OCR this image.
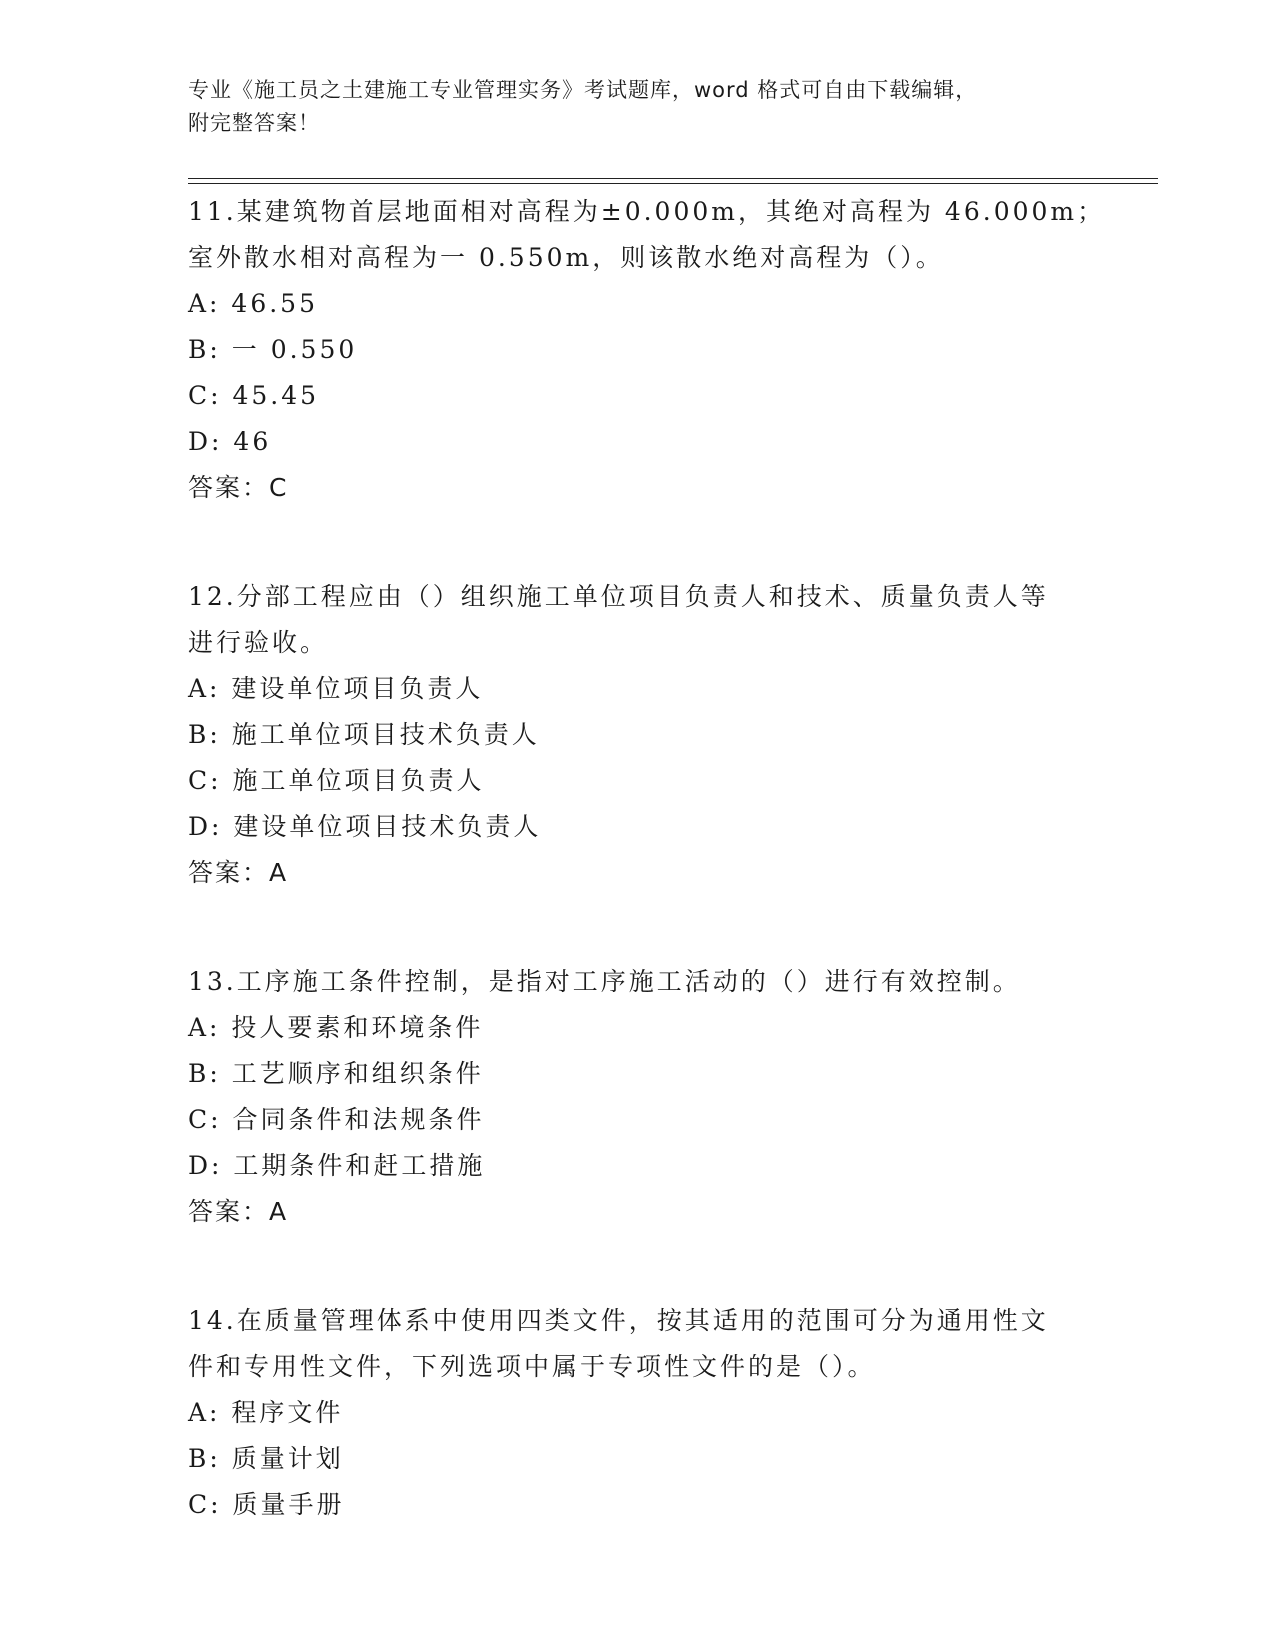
专业《施工员之土建施工专业管理实务》考试题库，word 格式可自由下载编辑，
附完整答案！
11.某建筑物首层地面相对高程为±0.000m，其绝对高程为 46.000m；
室外散水相对高程为一 0.550m，则该散水绝对高程为（）。
A: 46.55
B: 一 0.550
C: 45.45
D: 46
答案：C
12.分部工程应由（）组织施工单位项目负责人和技术、质量负责人等
进行验收。
A: 建设单位项目负责人
B: 施工单位项目技术负责人
C: 施工单位项目负责人
D: 建设单位项目技术负责人
答案：A
13.工序施工条件控制，是指对工序施工活动的（）进行有效控制。
A: 投人要素和环境条件
B: 工艺顺序和组织条件
C: 合同条件和法规条件
D: 工期条件和赶工措施
答案：A
14.在质量管理体系中使用四类文件，按其适用的范围可分为通用性文
件和专用性文件，下列选项中属于专项性文件的是（）。
A: 程序文件
B: 质量计划
C: 质量手册
